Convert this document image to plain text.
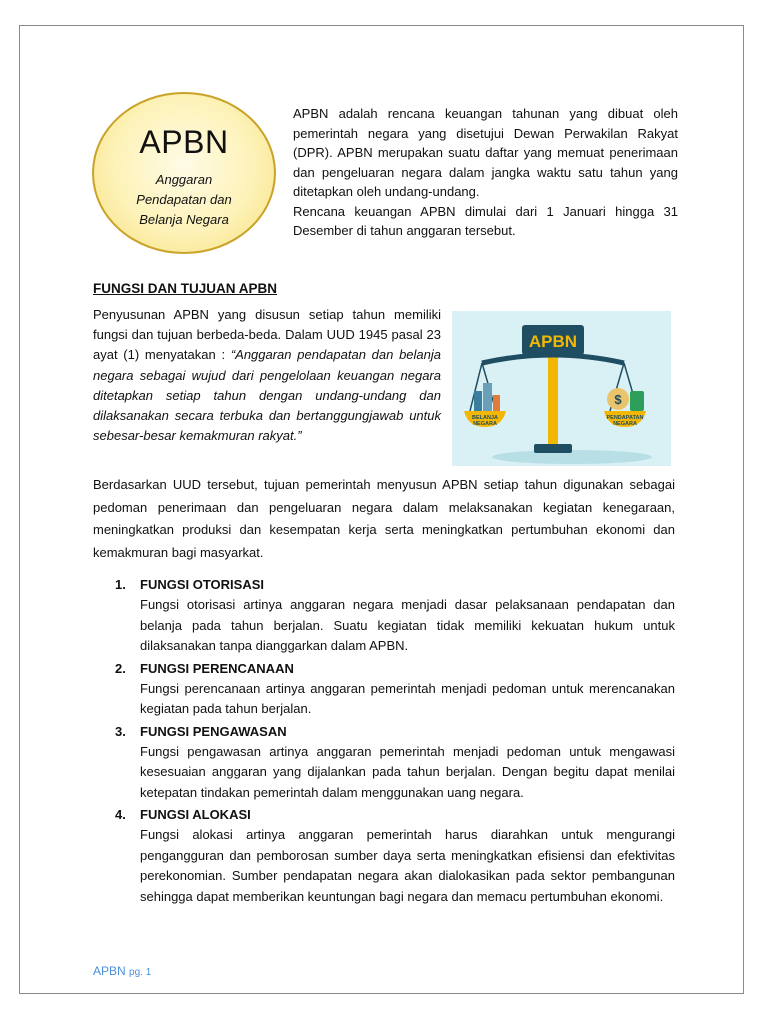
APBN
Anggaran
Pendapatan dan
Belanja Negara

APBN adalah rencana keuangan tahunan yang dibuat oleh pemerintah negara yang disetujui Dewan Perwakilan Rakyat (DPR). APBN merupakan suatu daftar yang memuat penerimaan dan pengeluaran negara dalam jangka waktu satu tahun yang ditetapkan oleh undang-undang.

Rencana keuangan APBN dimulai dari 1 Januari hingga 31 Desember di tahun anggaran tersebut.

FUNGSI DAN TUJUAN APBN

Penyusunan APBN yang disusun setiap tahun memiliki fungsi dan tujuan berbeda-beda. Dalam UUD 1945 pasal 23 ayat (1) menyatakan : “Anggaran pendapatan dan belanja negara sebagai wujud dari pengelolaan keuangan negara ditetapkan setiap tahun dengan undang-undang dan dilaksanakan secara terbuka dan bertanggungjawab untuk sebesar-besar kemakmuran rakyat.”

APBN
$
BELANJA
NEGARA
PENDAPATAN
NEGARA

Berdasarkan UUD tersebut, tujuan pemerintah menyusun APBN setiap tahun digunakan sebagai pedoman penerimaan dan pengeluaran negara dalam melaksanakan kegiatan kenegaraan, meningkatkan produksi dan kesempatan kerja serta meningkatkan pertumbuhan ekonomi dan kemakmuran bagi masyarkat.

1. FUNGSI OTORISASI

Fungsi otorisasi artinya anggaran negara menjadi dasar pelaksanaan pendapatan dan belanja pada tahun berjalan. Suatu kegiatan tidak memiliki kekuatan hukum untuk dilaksanakan tanpa dianggarkan dalam APBN.

2. FUNGSI PERENCANAAN

Fungsi perencanaan artinya anggaran pemerintah menjadi pedoman untuk merencanakan kegiatan pada tahun berjalan.

3. FUNGSI PENGAWASAN

Fungsi pengawasan artinya anggaran pemerintah menjadi pedoman untuk mengawasi kesesuaian anggaran yang dijalankan pada tahun berjalan. Dengan begitu dapat menilai ketepatan tindakan pemerintah dalam menggunakan uang negara.

4. FUNGSI ALOKASI

Fungsi alokasi artinya anggaran pemerintah harus diarahkan untuk mengurangi pengangguran dan pemborosan sumber daya serta meningkatkan efisiensi dan efektivitas perekonomian. Sumber pendapatan negara akan dialokasikan pada sektor pembangunan sehingga dapat memberikan keuntungan bagi negara dan memacu pertumbuhan ekonomi.

APBN pg. 1
